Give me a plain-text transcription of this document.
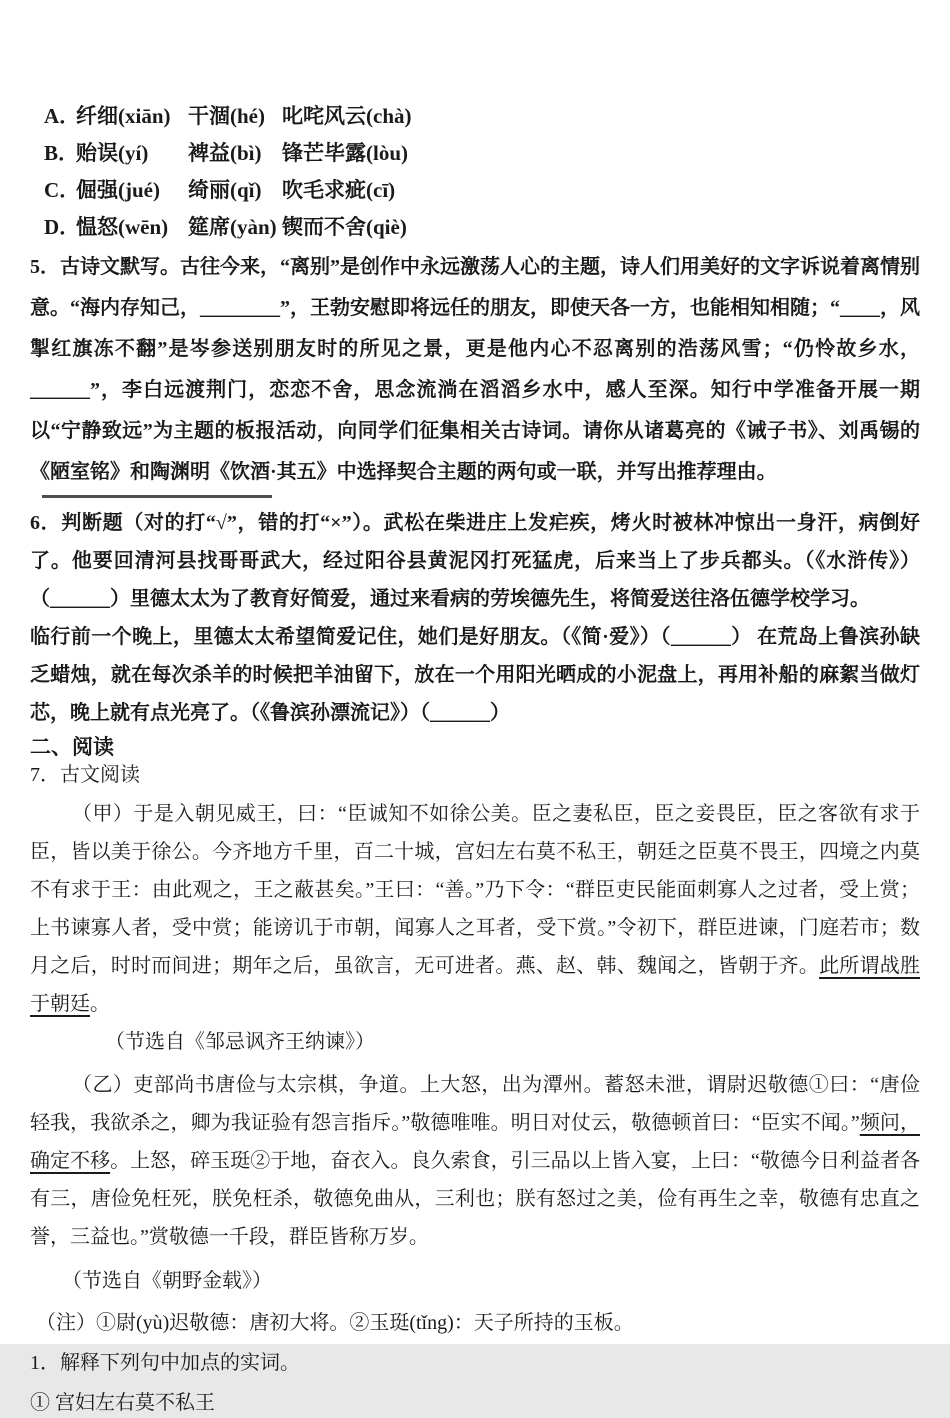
A．
纤细(xiān) 干涸(hé) 叱咤风云(chà)
B．
贻误(yí)	裨益(bì) 锋芒毕露(lòu)
C．
倔强(jué)	绮丽(qǐ) 吹毛求疵(cī)
D．
愠怒(wēn) 筵席(yàn) 锲而不舍(qiè)

5．古诗文默写。古往今来，“离别”是创作中永远激荡人心的主题，诗人们用美好的文字诉说着离情别意。“海内存知己，________”，王勃安慰即将远任的朋友，即使天各一方，也能相知相随；“____，风掣红旗冻不翻”是岑参送别朋友时的所见之景，更是他内心不忍离别的浩荡风雪；“仍怜故乡水，______”，李白远渡荆门，恋恋不舍，思念流淌在滔滔乡水中，感人至深。知行中学准备开展一期以“宁静致远”为主题的板报活动，向同学们征集相关古诗词。请你从诸葛亮的《诫子书》、刘禹锡的《陋室铭》和陶渊明《饮酒·其五》中选择契合主题的两句或一联，并写出推荐理由。

6．判断题（对的打“√”，错的打“×”）。武松在柴进庄上发疟疾，烤火时被林冲惊出一身汗，病倒好了。他要回清河县找哥哥武大，经过阳谷县黄泥冈打死猛虎，后来当上了步兵都头。（《水浒传》）（______）里德太太为了教育好简爱，通过来看病的劳埃德先生，将简爱送往洛伍德学校学习。

临行前一个晚上，里德太太希望简爱记住，她们是好朋友。（《简·爱》）（______） 在荒岛上鲁滨孙缺乏蜡烛，就在每次杀羊的时候把羊油留下，放在一个用阳光晒成的小泥盘上，再用补船的麻絮当做灯芯，晚上就有点光亮了。（《鲁滨孙漂流记》）（______）

二、阅读

7．古文阅读

（甲）于是入朝见威王，曰：“臣诚知不如徐公美。臣之妻私臣，臣之妾畏臣，臣之客欲有求于臣，皆以美于徐公。今齐地方千里，百二十城，宫妇左右莫不私王，朝廷之臣莫不畏王，四境之内莫不有求于王：由此观之，王之蔽甚矣。”王曰：“善。”乃下令：“群臣吏民能面刺寡人之过者，受上赏；上书谏寡人者，受中赏；能谤讥于市朝，闻寡人之耳者，受下赏。”令初下，群臣进谏，门庭若市；数月之后，时时而间进；期年之后，虽欲言，无可进者。燕、赵、韩、魏闻之，皆朝于齐。此所谓战胜于朝廷。

（节选自《邹忌讽齐王纳谏》）

（乙）吏部尚书唐俭与太宗棋，争道。上大怒，出为潭州。蓄怒未泄，谓尉迟敬德①曰：“唐俭轻我，我欲杀之，卿为我证验有怨言指斥。”敬德唯唯。明日对仗云，敬德顿首曰：“臣实不闻。”频问，确定不移。上怒，碎玉珽②于地，奋衣入。良久索食，引三品以上皆入宴，上曰：“敬德今日利益者各有三，唐俭免枉死，朕免枉杀，敬德免曲从，三利也；朕有怒过之美，俭有再生之幸，敬德有忠直之誉，三益也。”赏敬德一千段，群臣皆称万岁。

（节选自《朝野金载》）

（注）①尉(yù)迟敬德：唐初大将。②玉珽(tǐng)：天子所持的玉板。

1．解释下列句中加点的实词。

① 宫妇左右莫不私王
